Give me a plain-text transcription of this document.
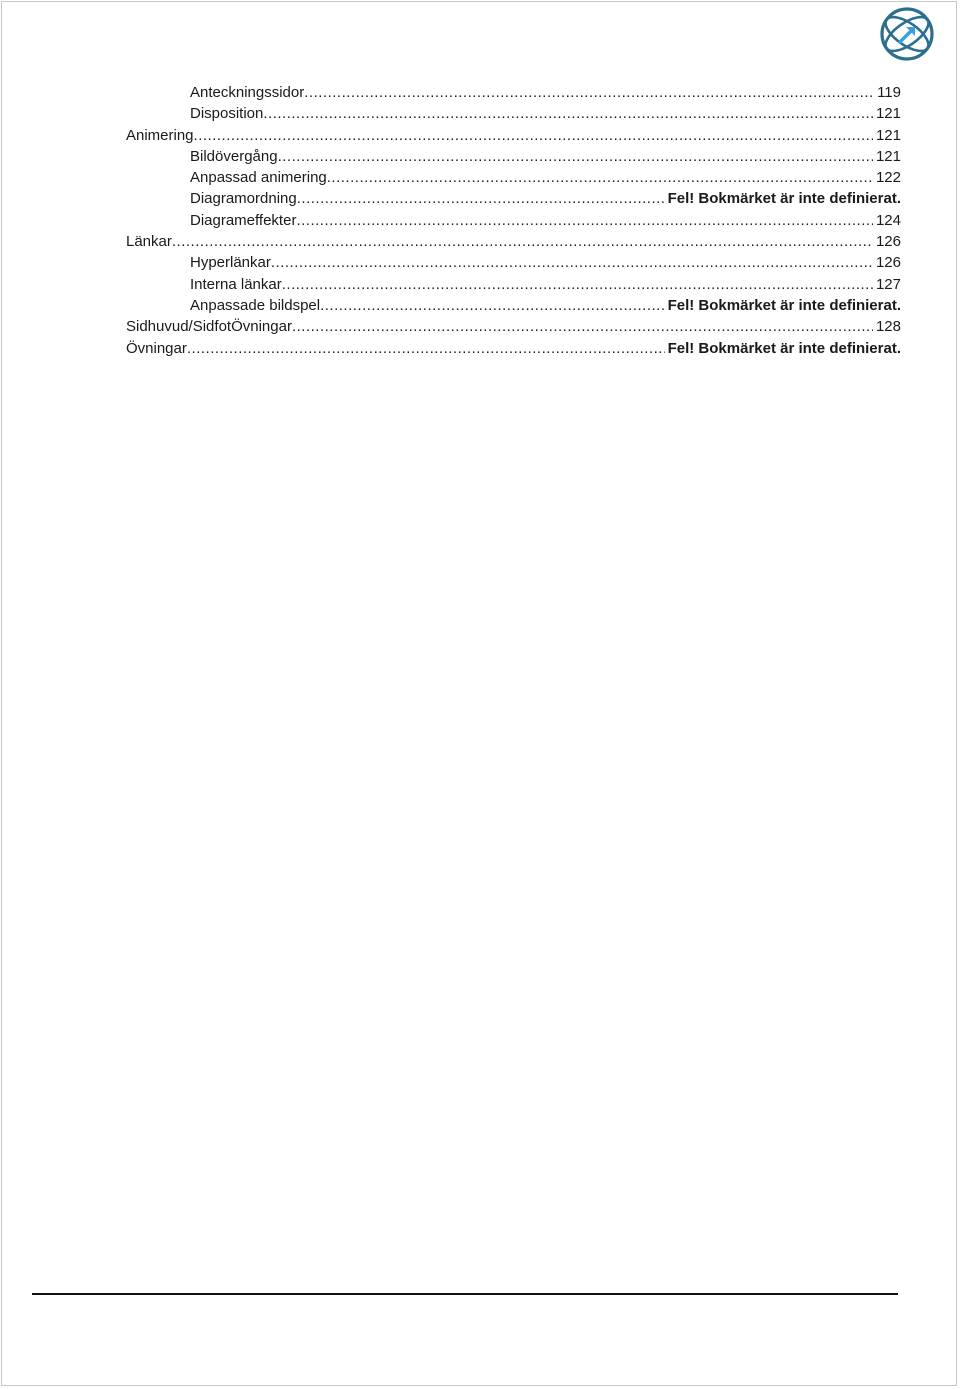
Anteckningssidor .....	119
Disposition .....	121
Animering .....	121
Bildövergång .....	121
Anpassad animering .....	122
Diagramordning .....	Fel! Bokmärket är inte definierat.
Diagrameffekter .....	124
Länkar .....	126
Hyperlänkar .....	126
Interna länkar .....	127
Anpassade bildspel .....	Fel! Bokmärket är inte definierat.
Sidhuvud/SidfotÖvningar .....	128
Övningar .....	Fel! Bokmärket är inte definierat.
